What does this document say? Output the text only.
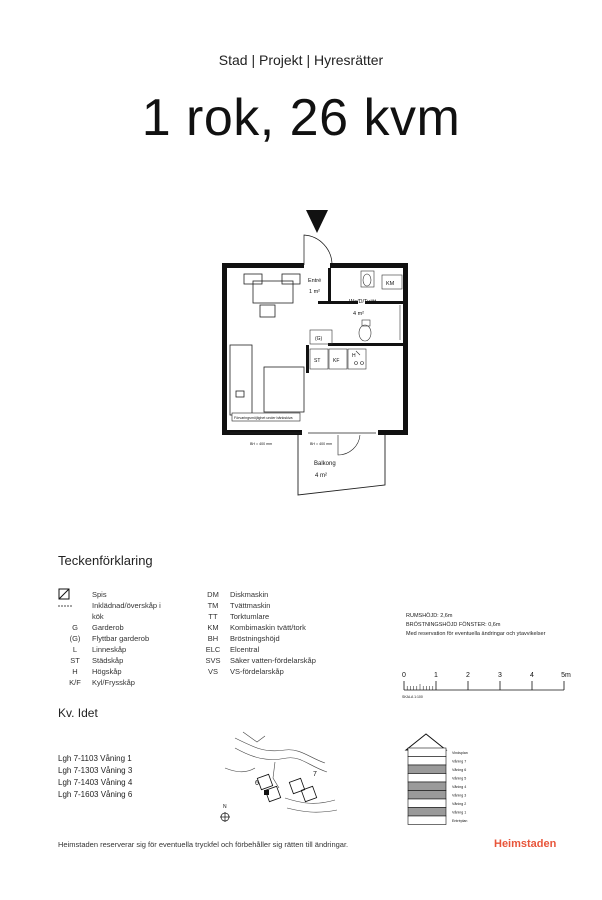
Stad | Projekt | Hyresrätter
1 rok, 26 kvm
KM
(G)
ST	KF
H
Förvaringsmöjlighet under bänkskiva
BH = 400 mm	BH = 400 mm
Entré
1 m²
Wc/D/Tvätt
4 m²
Balkong
4 m²
Teckenförklaring
Spis
Inklädnad/överskåp i
kök
G Garderob
(G) Flyttbar garderob
L Linneskåp
ST Städskåp
H Högskåp
K/F Kyl/Frysskåp
DM Diskmaskin
TM Tvättmaskin
TT Torktumlare
KM Kombimaskin tvätt/tork
BH Bröstningshöjd
ELC Elcentral
SVS Säker vatten-fördelarskåp
VS VS-fördelarskåp
RUMSHÖJD: 2,6m
BRÖSTNINGSHÖJD FÖNSTER: 0,6m
Med reservation för eventuella ändringar och ytavvikelser
0	1	2	3	4	5m
SKALA 1:100
Kv. Idet
Lgh 7-1103 Våning 1
Lgh 7-1303 Våning 3
Lgh 7-1403 Våning 4
Lgh 7-1603 Våning 6
6
7
N
Vindsplan
Våning 7
Våning 6
Våning 5
Våning 4
Våning 3
Våning 2
Våning 1
Entréplan
Heimstaden reserverar sig för eventuella tryckfel och förbehåller sig rätten till ändringar.	Heimstaden
